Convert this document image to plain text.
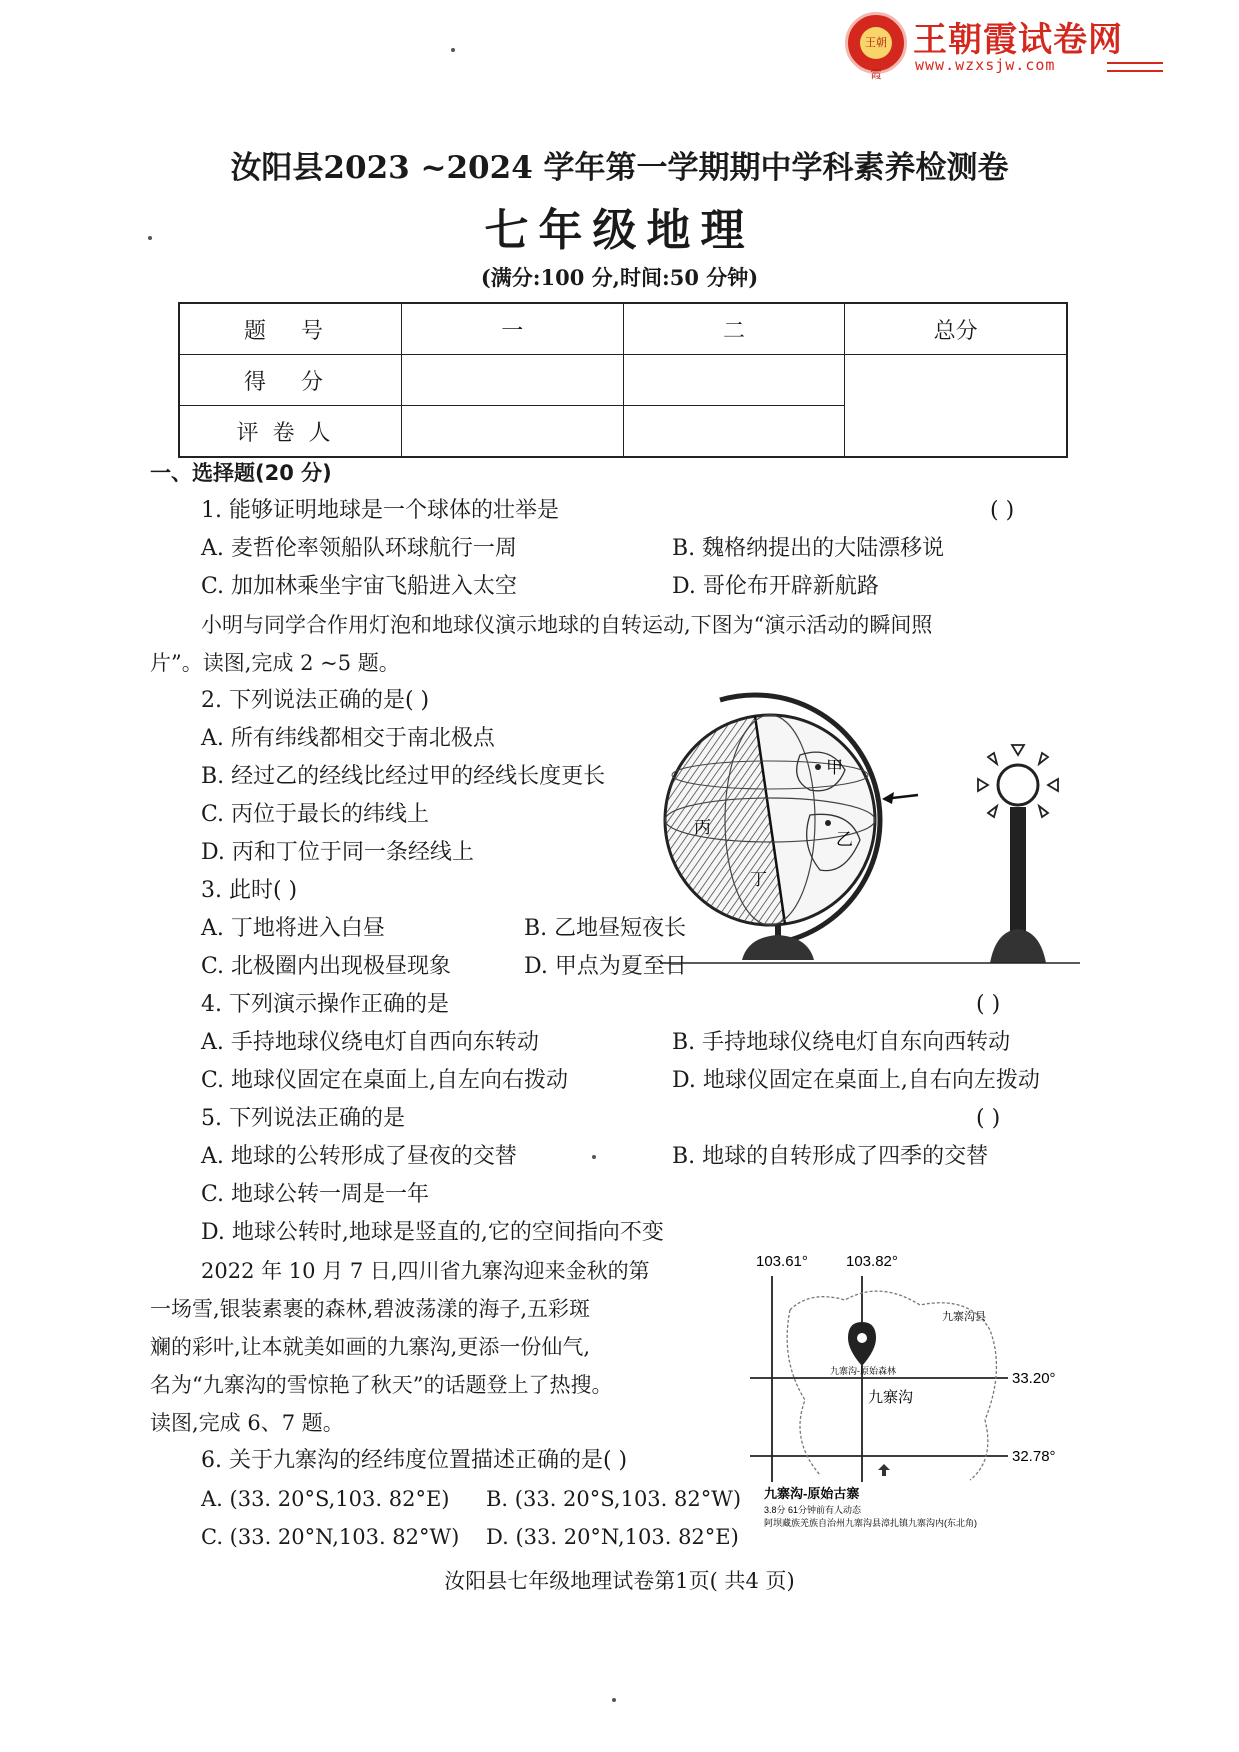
王朝霞
王朝霞试卷网
www.wzxsjw.com
汝阳县2023 ~2024 学年第一学期期中学科素养检测卷
七年级地理
(满分:100 分,时间:50 分钟)
题 号	一	二	总分
得 分			
评卷人			
一、选择题(20 分)
1. 能够证明地球是一个球体的壮举是	( )
A. 麦哲伦率领船队环球航行一周	B. 魏格纳提出的大陆漂移说
C. 加加林乘坐宇宙飞船进入太空	D. 哥伦布开辟新航路
小明与同学合作用灯泡和地球仪演示地球的自转运动,下图为“演示活动的瞬间照
片”。读图,完成 2 ~5 题。
2. 下列说法正确的是( )
A. 所有纬线都相交于南北极点
B. 经过乙的经线比经过甲的经线长度更长
C. 丙位于最长的纬线上
D. 丙和丁位于同一条经线上
3. 此时( )
A. 丁地将进入白昼	B. 乙地昼短夜长
C. 北极圈内出现极昼现象	D. 甲点为夏至日
甲
乙
丙
丁
4. 下列演示操作正确的是	( )
A. 手持地球仪绕电灯自西向东转动	B. 手持地球仪绕电灯自东向西转动
C. 地球仪固定在桌面上,自左向右拨动	D. 地球仪固定在桌面上,自右向左拨动
5. 下列说法正确的是	( )
A. 地球的公转形成了昼夜的交替	B. 地球的自转形成了四季的交替
C. 地球公转一周是一年
D. 地球公转时,地球是竖直的,它的空间指向不变
2022 年 10 月 7 日,四川省九寨沟迎来金秋的第
一场雪,银装素裹的森林,碧波荡漾的海子,五彩斑
斓的彩叶,让本就美如画的九寨沟,更添一份仙气,
名为“九寨沟的雪惊艳了秋天”的话题登上了热搜。
读图,完成 6、7 题。
103.61°	103.82°
33.20°
32.78°
九寨沟县
九寨沟-原始森林
九寨沟
九寨沟-原始古寨
3.8分 61分钟前有人动态
阿坝藏族羌族自治州九寨沟县漳扎镇九寨沟内(东北角)
6. 关于九寨沟的经纬度位置描述正确的是( )
A. (33. 20°S,103. 82°E) B. (33. 20°S,103. 82°W)
C. (33. 20°N,103. 82°W) D. (33. 20°N,103. 82°E)
汝阳县七年级地理试卷第1页( 共4 页)
